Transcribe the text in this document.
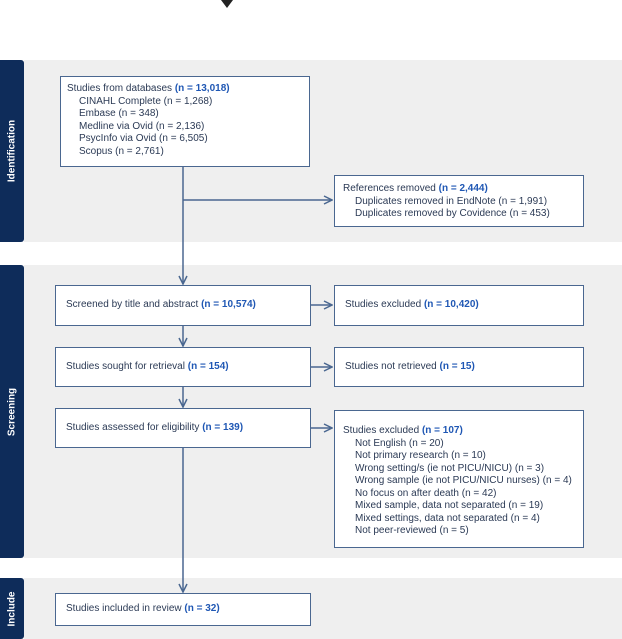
Identification
Screening
Include
Studies from databases (n = 13,018)
CINAHL Complete (n = 1,268)
Embase (n = 348)
Medline via Ovid (n = 2,136)
PsycInfo via Ovid (n = 6,505)
Scopus (n = 2,761)
References removed (n = 2,444)
Duplicates removed in EndNote (n = 1,991)
Duplicates removed by Covidence (n = 453)
Screened by title and abstract (n = 10,574)	Studies excluded (n = 10,420)
Studies sought for retrieval (n = 154)	Studies not retrieved (n = 15)
Studies assessed for eligibility (n = 139)	Studies excluded (n = 107)
Not English (n = 20)
Not primary research (n = 10)
Wrong setting/s (ie not PICU/NICU) (n = 3)
Wrong sample (ie not PICU/NICU nurses) (n = 4)
No focus on after death (n = 42)
Mixed sample, data not separated (n = 19)
Mixed settings, data not separated (n = 4)
Not peer-reviewed (n = 5)
Studies included in review (n = 32)
